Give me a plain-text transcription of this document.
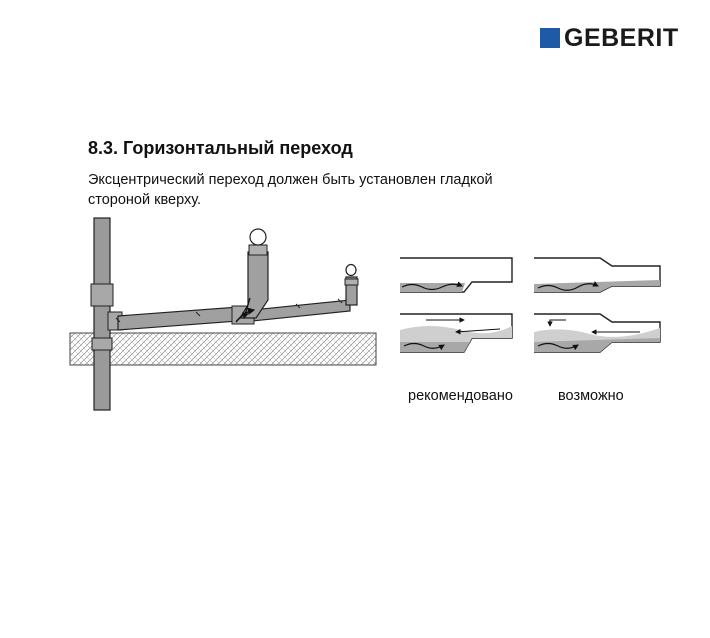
GEBERIT
8.3. Горизонтальный переход
Эксцентрический переход должен быть установлен гладкой
стороной кверху.
рекомендовано	возможно
